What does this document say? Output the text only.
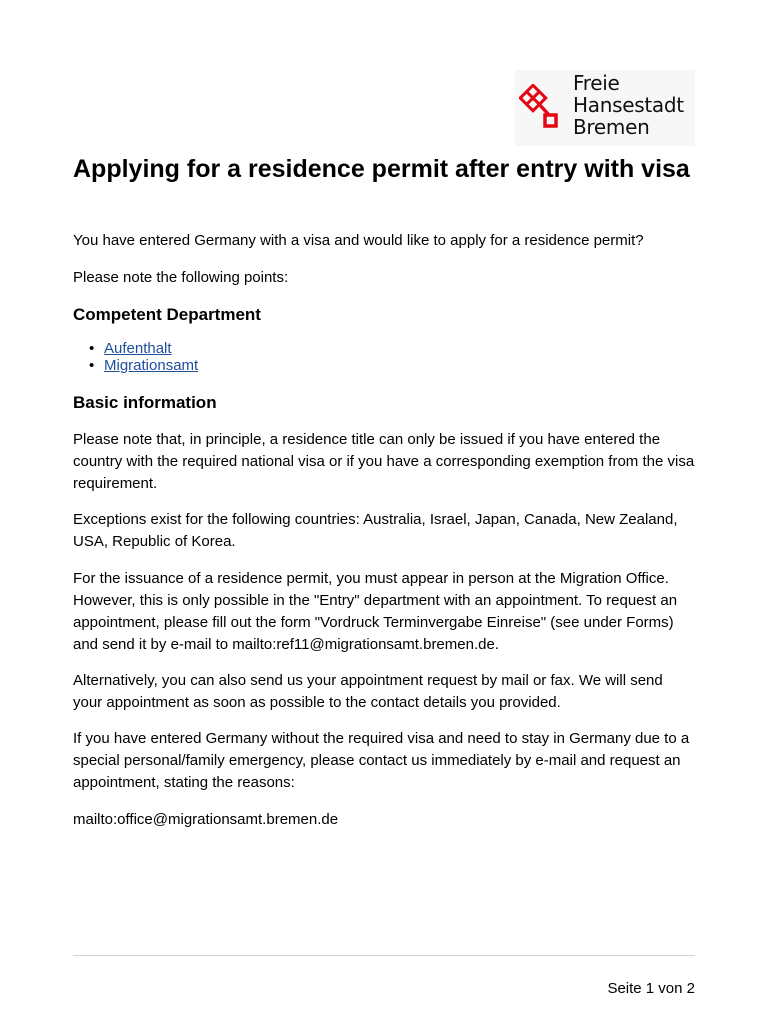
Freie
Hansestadt
Bremen
Applying for a residence permit after entry with visa

You have entered Germany with a visa and would like to apply for a residence permit?

Please note the following points:

Competent Department
• Aufenthalt
• Migrationsamt
Basic information

Please note that, in principle, a residence title can only be issued if you have entered the country with the required national visa or if you have a corresponding exemption from the visa requirement.

Exceptions exist for the following countries: Australia, Israel, Japan, Canada, New Zealand, USA, Republic of Korea.

For the issuance of a residence permit, you must appear in person at the Migration Office. However, this is only possible in the "Entry" department with an appointment. To request an appointment, please fill out the form "Vordruck Terminvergabe Einreise" (see under Forms) and send it by e-mail to mailto:ref11@migrationsamt.bremen.de.

Alternatively, you can also send us your appointment request by mail or fax. We will send your appointment as soon as possible to the contact details you provided.

If you have entered Germany without the required visa and need to stay in Germany due to a special personal/family emergency, please contact us immediately by e-mail and request an appointment, stating the reasons:

mailto:office@migrationsamt.bremen.de

Seite 1 von 2
